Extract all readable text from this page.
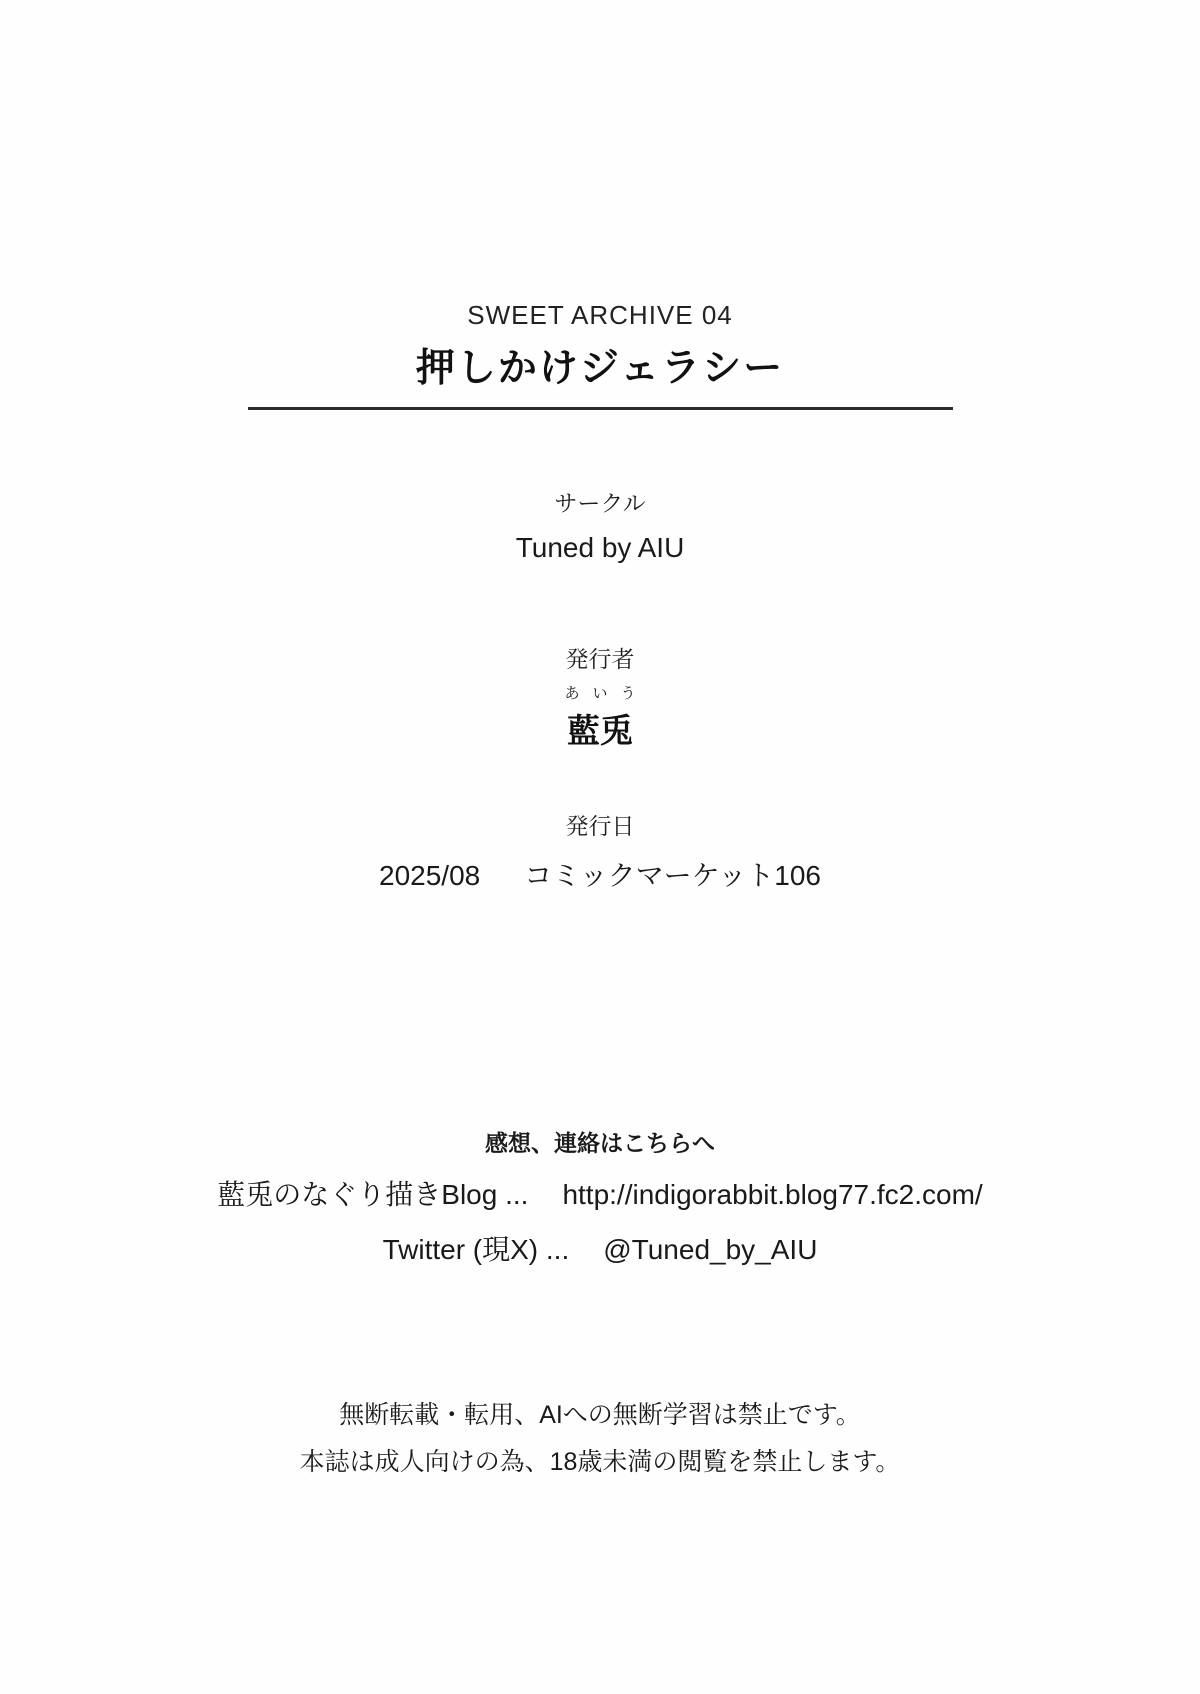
SWEET ARCHIVE 04
押しかけジェラシー
サークル
Tuned by AIU
発行者
あいう
藍兎
発行日
2025/08 コミックマーケット106
感想、連絡はこちらへ
藍兎のなぐり描きBlog ... http://indigorabbit.blog77.fc2.com/
Twitter (現X) ... @Tuned_by_AIU
無断転載・転用、AIへの無断学習は禁止です。
本誌は成人向けの為、18歳未満の閲覧を禁止します。
